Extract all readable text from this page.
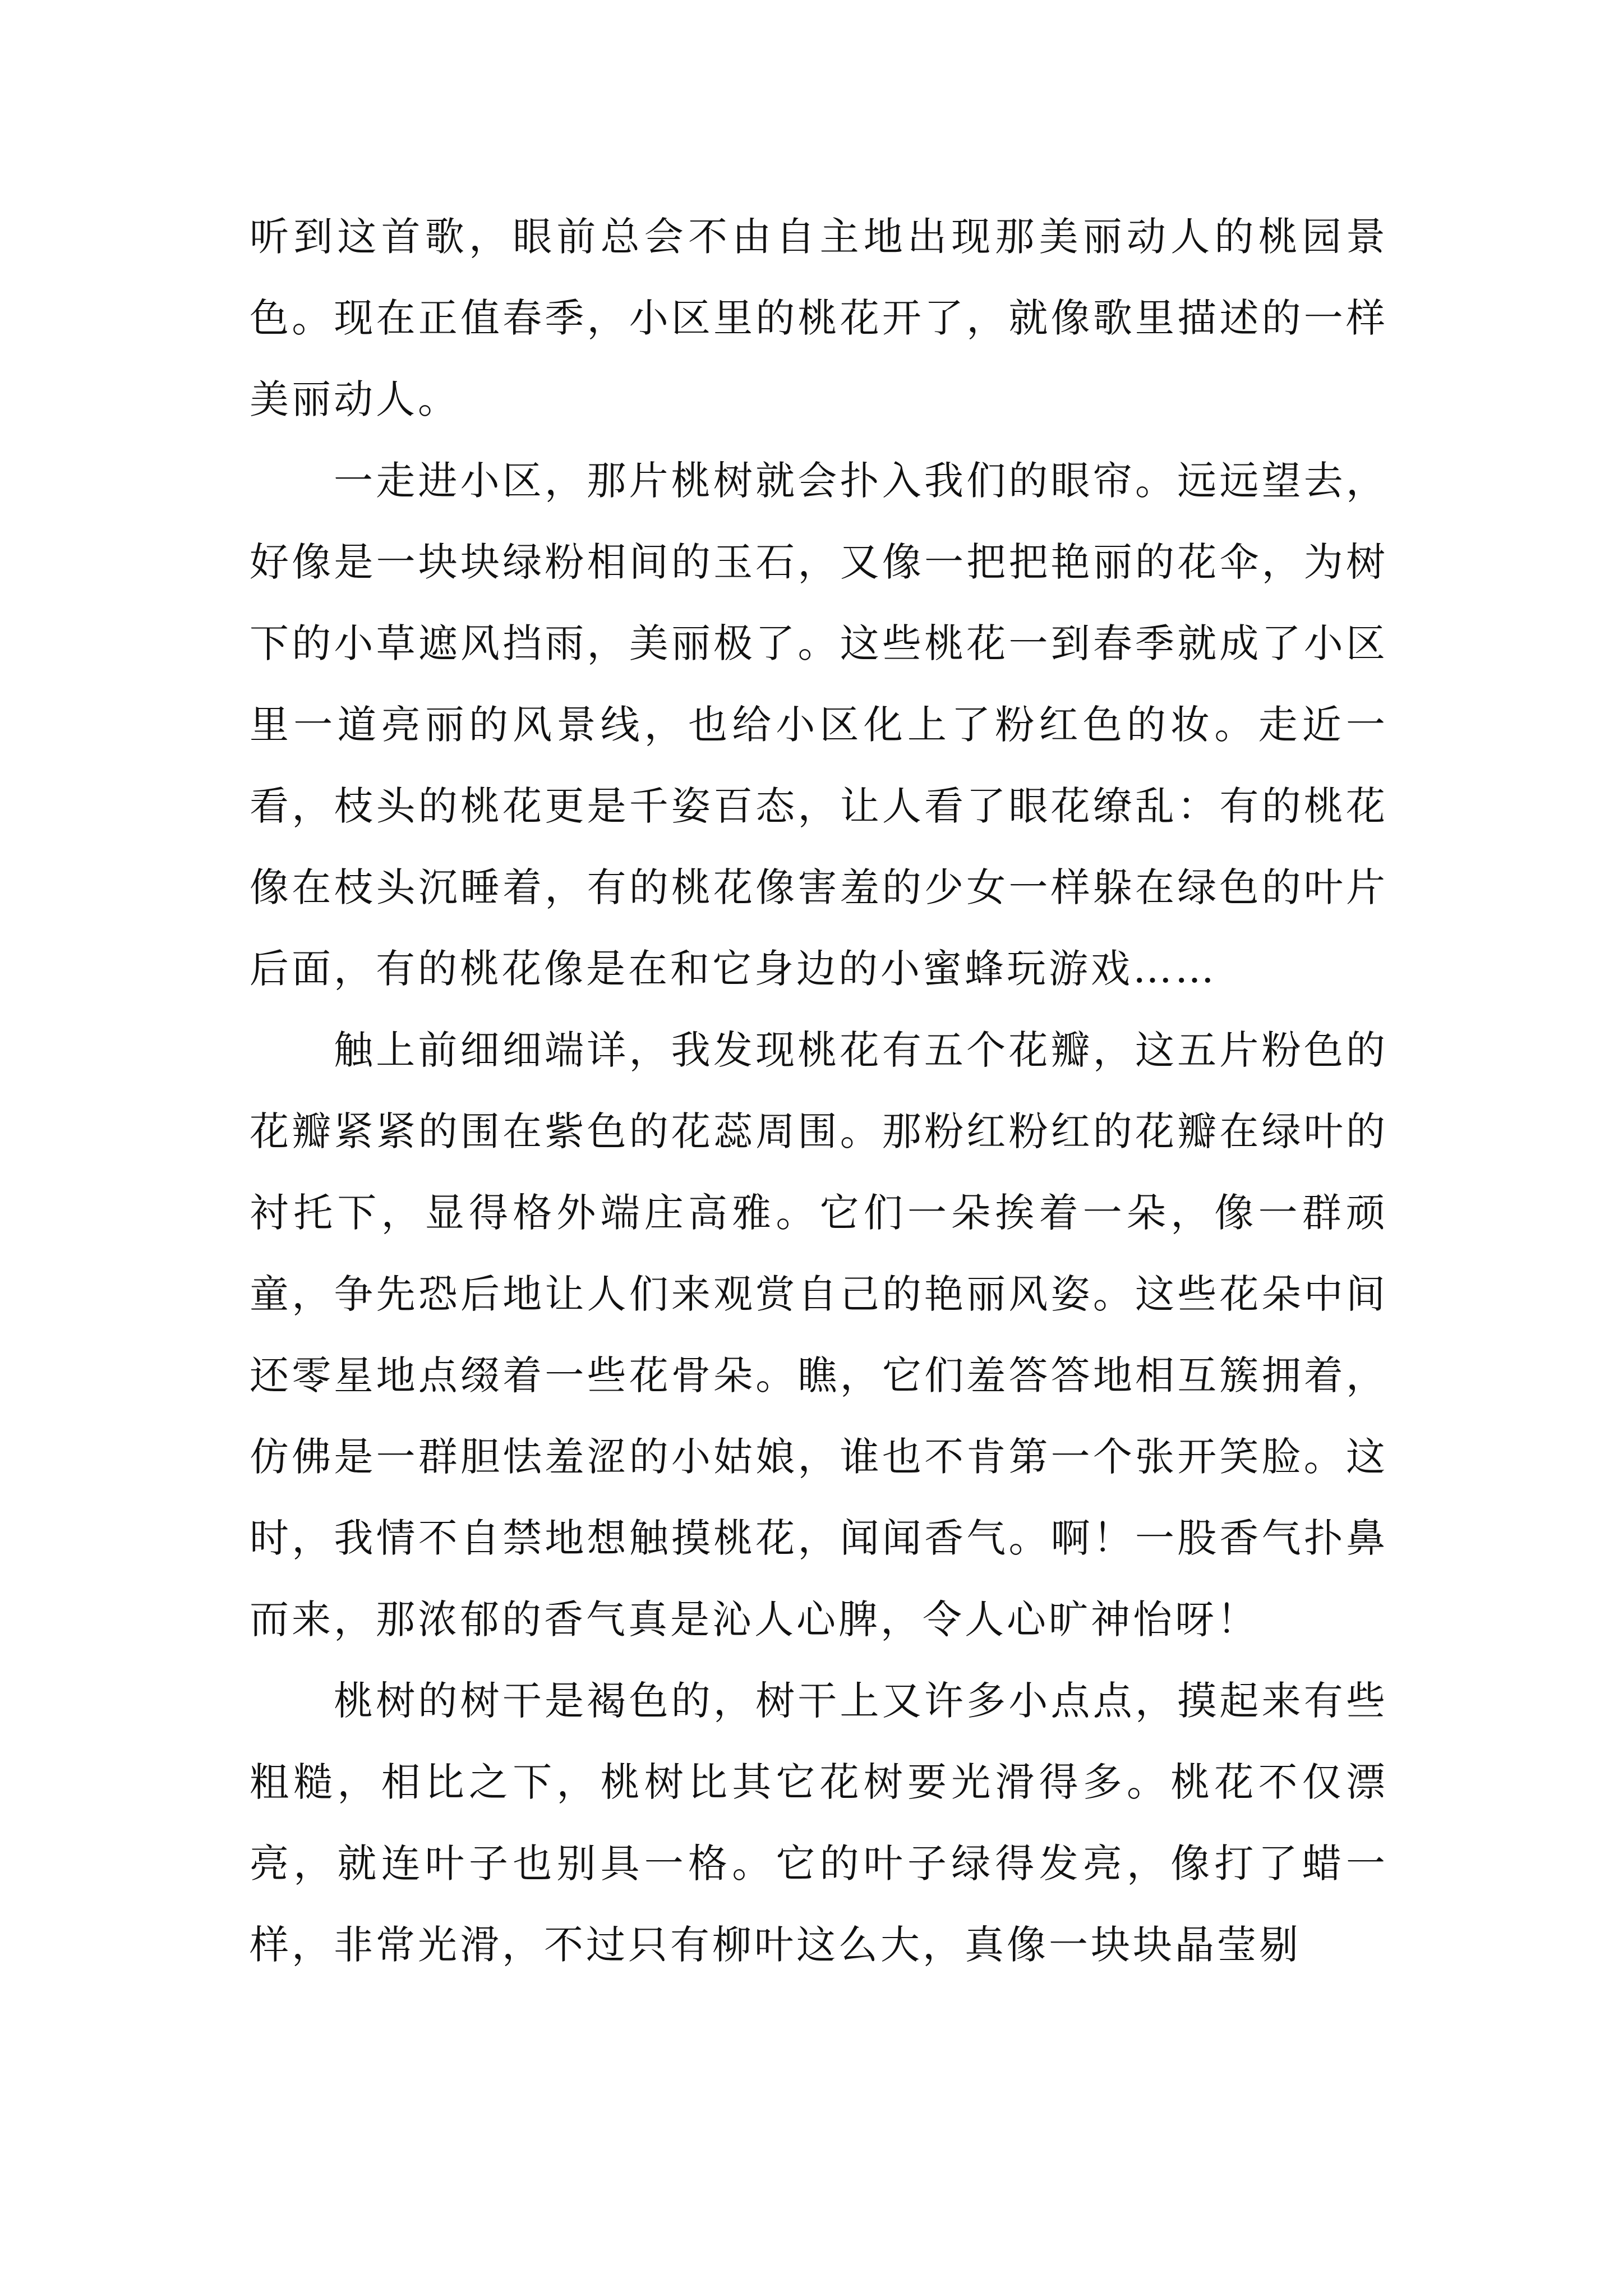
听到这首歌，眼前总会不由自主地出现那美丽动人的桃园景色。现在正值春季，小区里的桃花开了，就像歌里描述的一样美丽动人。

一走进小区，那片桃树就会扑入我们的眼帘。远远望去，好像是一块块绿粉相间的玉石，又像一把把艳丽的花伞，为树下的小草遮风挡雨，美丽极了。这些桃花一到春季就成了小区里一道亮丽的风景线，也给小区化上了粉红色的妆。走近一看，枝头的桃花更是千姿百态，让人看了眼花缭乱：有的桃花像在枝头沉睡着，有的桃花像害羞的少女一样躲在绿色的叶片后面，有的桃花像是在和它身边的小蜜蜂玩游戏……

触上前细细端详，我发现桃花有五个花瓣，这五片粉色的花瓣紧紧的围在紫色的花蕊周围。那粉红粉红的花瓣在绿叶的衬托下，显得格外端庄高雅。它们一朵挨着一朵，像一群顽童，争先恐后地让人们来观赏自己的艳丽风姿。这些花朵中间还零星地点缀着一些花骨朵。瞧，它们羞答答地相互簇拥着，仿佛是一群胆怯羞涩的小姑娘，谁也不肯第一个张开笑脸。这时，我情不自禁地想触摸桃花，闻闻香气。啊！一股香气扑鼻而来，那浓郁的香气真是沁人心脾，令人心旷神怡呀！

桃树的树干是褐色的，树干上又许多小点点，摸起来有些粗糙，相比之下，桃树比其它花树要光滑得多。桃花不仅漂亮，就连叶子也别具一格。它的叶子绿得发亮，像打了蜡一样，非常光滑，不过只有柳叶这么大，真像一块块晶莹剔
